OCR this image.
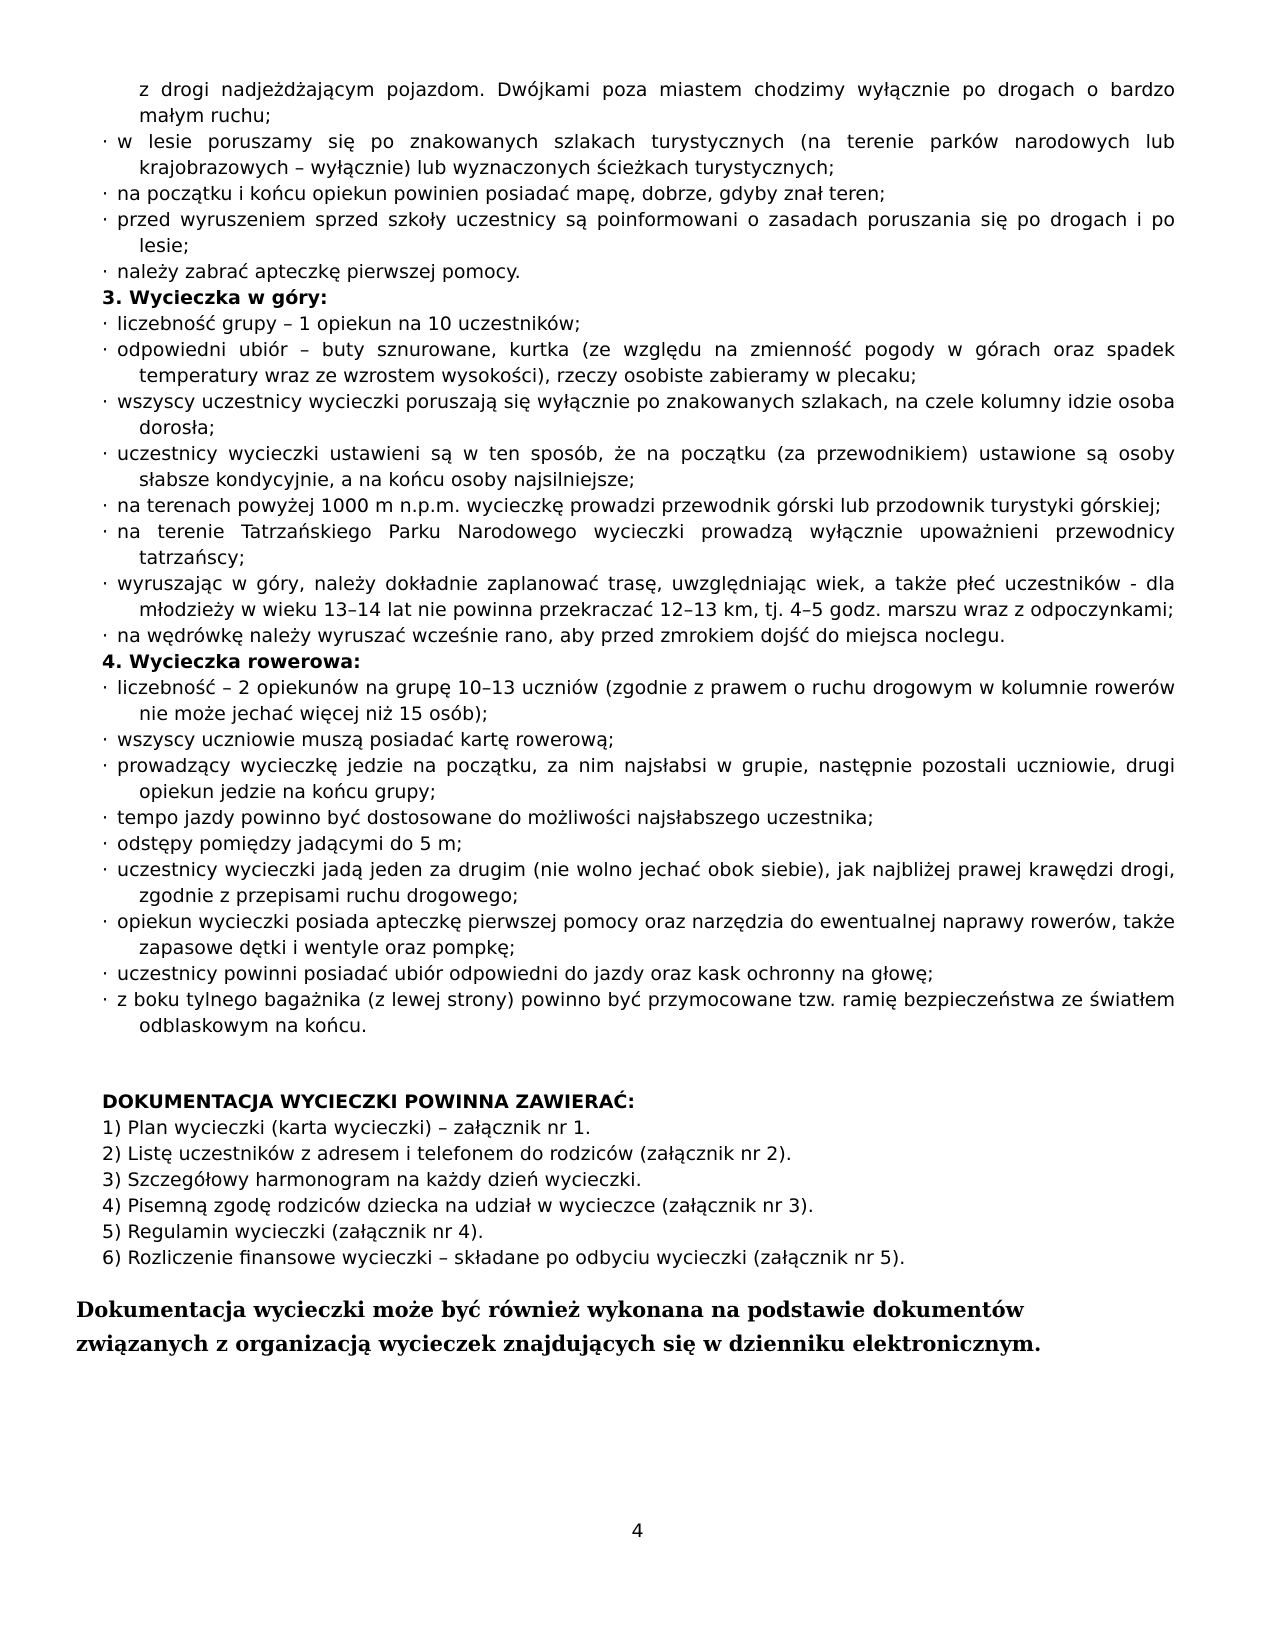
z drogi nadjeżdżającym pojazdom. Dwójkami poza miastem chodzimy wyłącznie po drogach o bardzo małym ruchu;

· w lesie poruszamy się po znakowanych szlakach turystycznych (na terenie parków narodowych lub krajobrazowych – wyłącznie) lub wyznaczonych ścieżkach turystycznych;

· na początku i końcu opiekun powinien posiadać mapę, dobrze, gdyby znał teren;

· przed wyruszeniem sprzed szkoły uczestnicy są poinformowani o zasadach poruszania się po drogach i po lesie;

· należy zabrać apteczkę pierwszej pomocy.

3. Wycieczka w góry:

· liczebność grupy – 1 opiekun na 10 uczestników;

· odpowiedni ubiór – buty sznurowane, kurtka (ze względu na zmienność pogody w górach oraz spadek temperatury wraz ze wzrostem wysokości), rzeczy osobiste zabieramy w plecaku;

· wszyscy uczestnicy wycieczki poruszają się wyłącznie po znakowanych szlakach, na czele kolumny idzie osoba dorosła;

· uczestnicy wycieczki ustawieni są w ten sposób, że na początku (za przewodnikiem) ustawione są osoby słabsze kondycyjnie, a na końcu osoby najsilniejsze;

· na terenach powyżej 1000 m n.p.m. wycieczkę prowadzi przewodnik górski lub przodownik turystyki górskiej;

· na terenie Tatrzańskiego Parku Narodowego wycieczki prowadzą wyłącznie upoważnieni przewodnicy tatrzańscy;

· wyruszając w góry, należy dokładnie zaplanować trasę, uwzględniając wiek, a także płeć uczestników - dla młodzieży w wieku 13–14 lat nie powinna przekraczać 12–13 km, tj. 4–5 godz. marszu wraz z odpoczynkami;

· na wędrówkę należy wyruszać wcześnie rano, aby przed zmrokiem dojść do miejsca noclegu.

4. Wycieczka rowerowa:

· liczebność – 2 opiekunów na grupę 10–13 uczniów (zgodnie z prawem o ruchu drogowym w kolumnie rowerów nie może jechać więcej niż 15 osób);

· wszyscy uczniowie muszą posiadać kartę rowerową;

· prowadzący wycieczkę jedzie na początku, za nim najsłabsi w grupie, następnie pozostali uczniowie, drugi opiekun jedzie na końcu grupy;

· tempo jazdy powinno być dostosowane do możliwości najsłabszego uczestnika;

· odstępy pomiędzy jadącymi do 5 m;

· uczestnicy wycieczki jadą jeden za drugim (nie wolno jechać obok siebie), jak najbliżej prawej krawędzi drogi, zgodnie z przepisami ruchu drogowego;

· opiekun wycieczki posiada apteczkę pierwszej pomocy oraz narzędzia do ewentualnej naprawy rowerów, także zapasowe dętki i wentyle oraz pompkę;

· uczestnicy powinni posiadać ubiór odpowiedni do jazdy oraz kask ochronny na głowę;

· z boku tylnego bagażnika (z lewej strony) powinno być przymocowane tzw. ramię bezpieczeństwa ze światłem odblaskowym na końcu.

DOKUMENTACJA WYCIECZKI POWINNA ZAWIERAĆ:

1) Plan wycieczki (karta wycieczki) – załącznik nr 1.

2) Listę uczestników z adresem i telefonem do rodziców (załącznik nr 2).

3) Szczegółowy harmonogram na każdy dzień wycieczki.

4) Pisemną zgodę rodziców dziecka na udział w wycieczce (załącznik nr 3).

5) Regulamin wycieczki (załącznik nr 4).

6) Rozliczenie finansowe wycieczki – składane po odbyciu wycieczki (załącznik nr 5).

Dokumentacja wycieczki może być również wykonana na podstawie dokumentów związanych z organizacją wycieczek znajdujących się w dzienniku elektronicznym.

4
